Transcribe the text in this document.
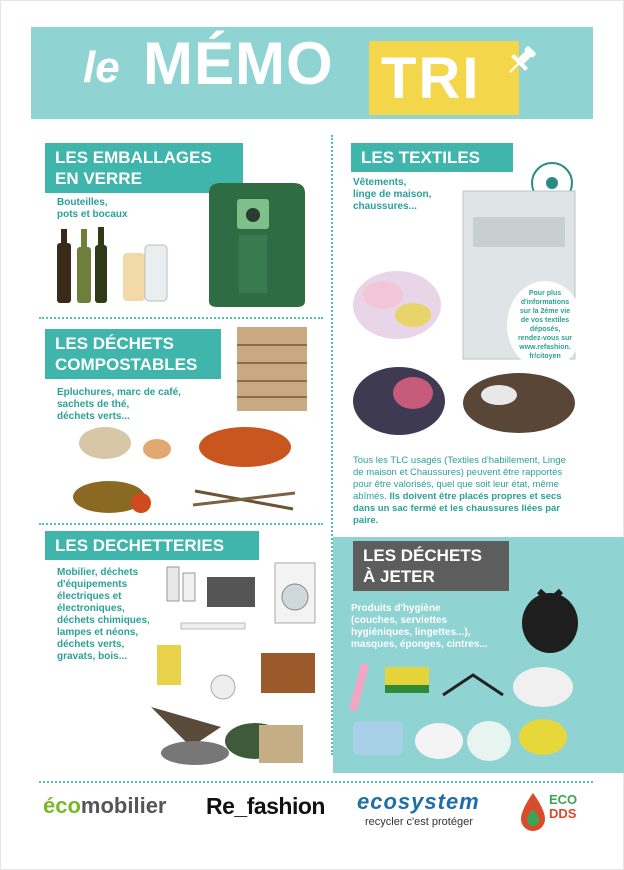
le MÉMO TRI
LES EMBALLAGES
EN VERRE
Bouteilles,
pots et bocaux
LES DÉCHETS
COMPOSTABLES
Epluchures, marc de café,
sachets de thé,
déchets verts...
LES DECHETTERIES
Mobilier, déchets
d'équipements
électriques et
électroniques,
déchets chimiques,
lampes et néons,
déchets verts,
gravats, bois...
LES TEXTILES
Vêtements,
linge de maison,
chaussures...
Pour plus
d'informations
sur la 2ème vie
de vos textiles
déposés,
rendez-vous sur
www.refashion.
fr/citoyen
Tous les TLC usagés (Textiles d'habillement, Linge de maison et Chaussures) peuvent être rapportés pour être valorisés, quel que soit leur état, même abîmés. Ils doivent être placés propres et secs dans un sac fermé et les chaussures liées par paire.
LES DÉCHETS
À JETER
Produits d'hygiène
(couches, serviettes
hygiéniques, lingettes...),
masques, éponges, cintres...
écomobilier Re_fashion ecosystem
recycler c'est protéger
ECO
DDS
